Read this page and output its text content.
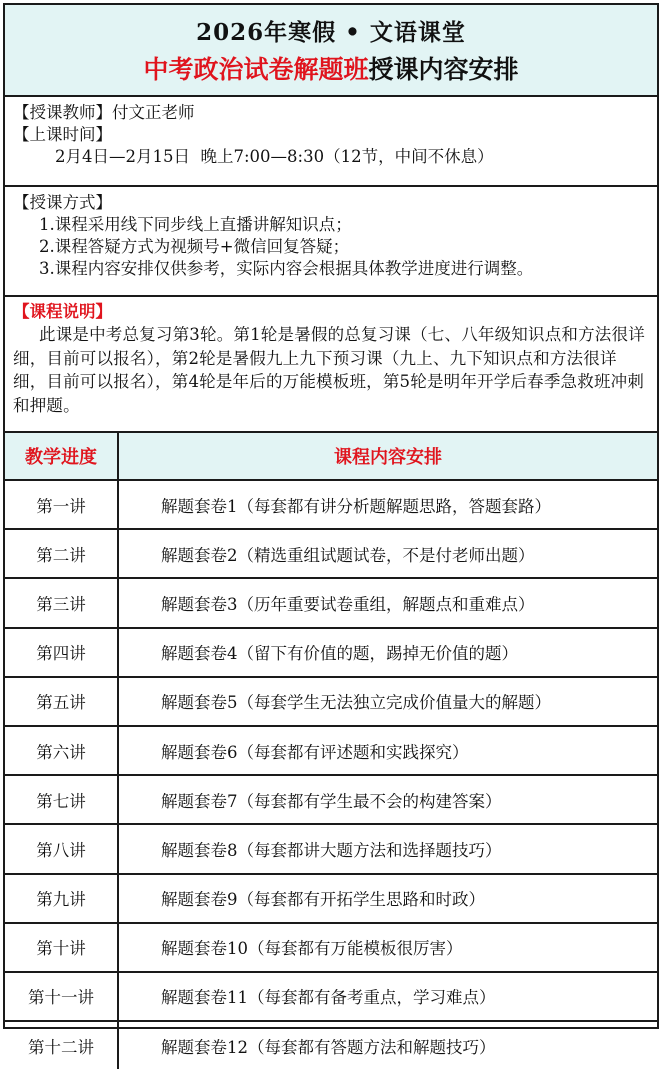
2026年寒假 • 文语课堂
中考政治试卷解题班授课内容安排
【授课教师】付文正老师
【上课时间】
2月4日—2月15日  晚上7:00—8:30（12节，中间不休息）
【授课方式】
1.课程采用线下同步线上直播讲解知识点；
2.课程答疑方式为视频号+微信回复答疑；
3.课程内容安排仅供参考，实际内容会根据具体教学进度进行调整。
【课程说明】
此课是中考总复习第3轮。第1轮是暑假的总复习课（七、八年级知识点和方法很详细，目前可以报名），第2轮是暑假九上九下预习课（九上、九下知识点和方法很详细，目前可以报名），第4轮是年后的万能模板班，第5轮是明年开学后春季急救班冲刺和押题。
教学进度	课程内容安排
第一讲	解题套卷1（每套都有讲分析题解题思路，答题套路）
第二讲	解题套卷2（精选重组试题试卷，不是付老师出题）
第三讲	解题套卷3（历年重要试卷重组，解题点和重难点）
第四讲	解题套卷4（留下有价值的题，踢掉无价值的题）
第五讲	解题套卷5（每套学生无法独立完成价值量大的解题）
第六讲	解题套卷6（每套都有评述题和实践探究）
第七讲	解题套卷7（每套都有学生最不会的构建答案）
第八讲	解题套卷8（每套都讲大题方法和选择题技巧）
第九讲	解题套卷9（每套都有开拓学生思路和时政）
第十讲	解题套卷10（每套都有万能模板很厉害）
第十一讲	解题套卷11（每套都有备考重点，学习难点）
第十二讲	解题套卷12（每套都有答题方法和解题技巧）
